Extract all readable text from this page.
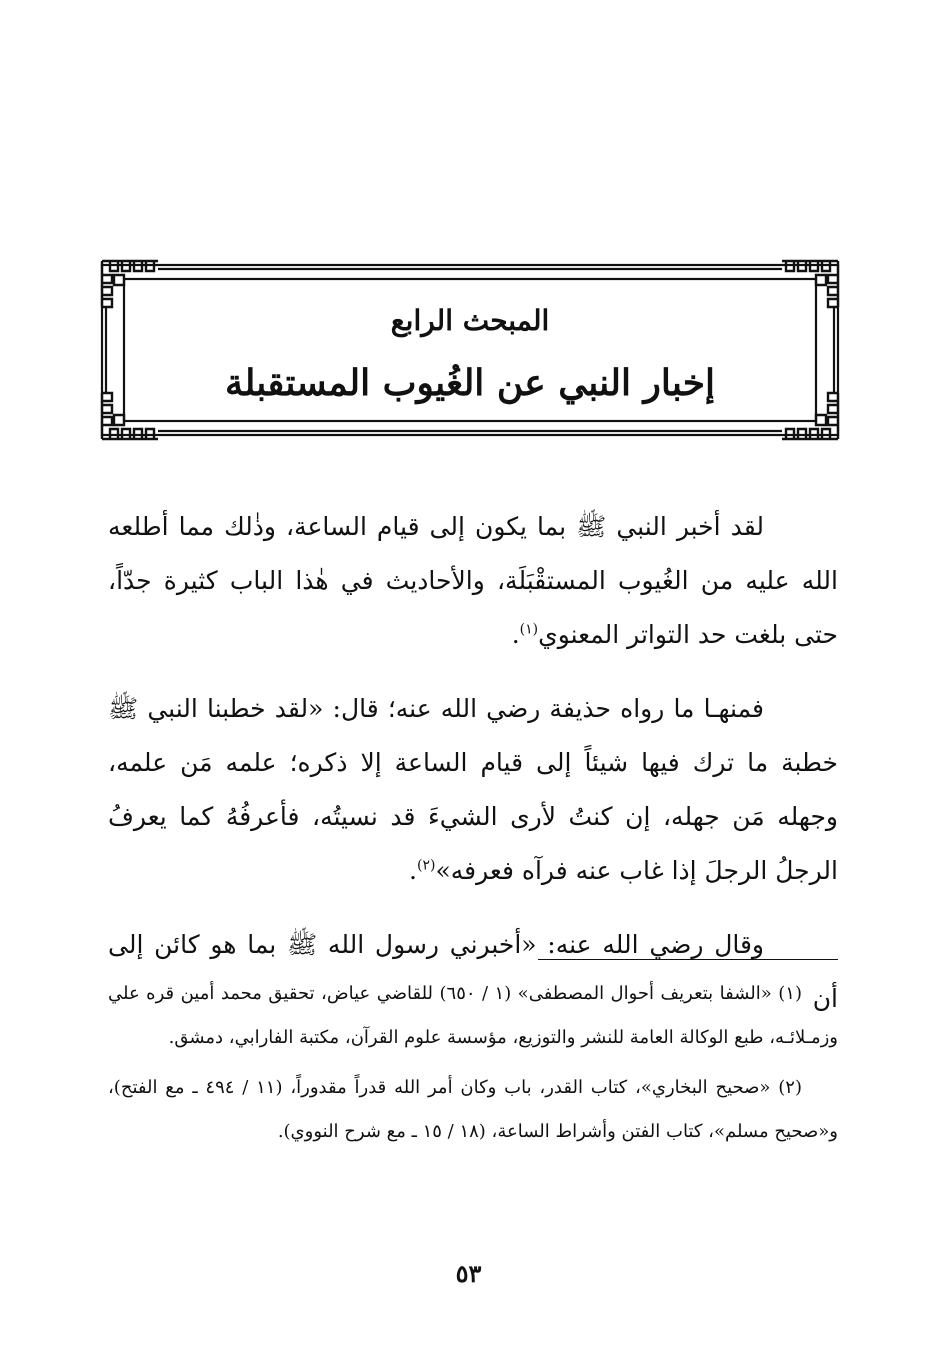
المبحث الرابع
إخبار النبي عن الغُيوب المستقبلة

لقد أخبر النبي ﷺ بما يكون إلى قيام الساعة، وذٰلك مما أطلعه الله عليه من الغُيوب المستقْبَلَة، والأحاديث في هٰذا الباب كثيرة جدّاً، حتى بلغت حد التواتر المعنوي$^{(١)}$.

فمنهـا ما رواه حذيفة رضي الله عنه؛ قال: «لقد خطبنا النبي ﷺ خطبة ما ترك فيها شيئاً إلى قيام الساعة إلا ذكره؛ علمه مَن علمه، وجهله مَن جهله، إن كنتُ لأرى الشيءَ قد نسيتُه، فأعرفُهُ كما يعرفُ الرجلُ الرجلَ إذا غاب عنه فرآه فعرفه»$^{(٢)}$.

وقال رضي الله عنه: «أخبرني رسول الله ﷺ بما هو كائن إلى أن

(١) «الشفا بتعريف أحوال المصطفى» (١ / ٦٥٠) للقاضي عياض، تحقيق محمد أمين قره علي وزمـلائـه، طبع الوكالة العامة للنشر والتوزيع، مؤسسة علوم القرآن، مكتبة الفارابي، دمشق.

(٢) «صحيح البخاري»، كتاب القدر، باب وكان أمر الله قدراً مقدوراً، (١١ / ٤٩٤ ـ مع الفتح)، و«صحيح مسلم»، كتاب الفتن وأشراط الساعة، (١٨ / ١٥ ـ مع شرح النووي).

٥٣
